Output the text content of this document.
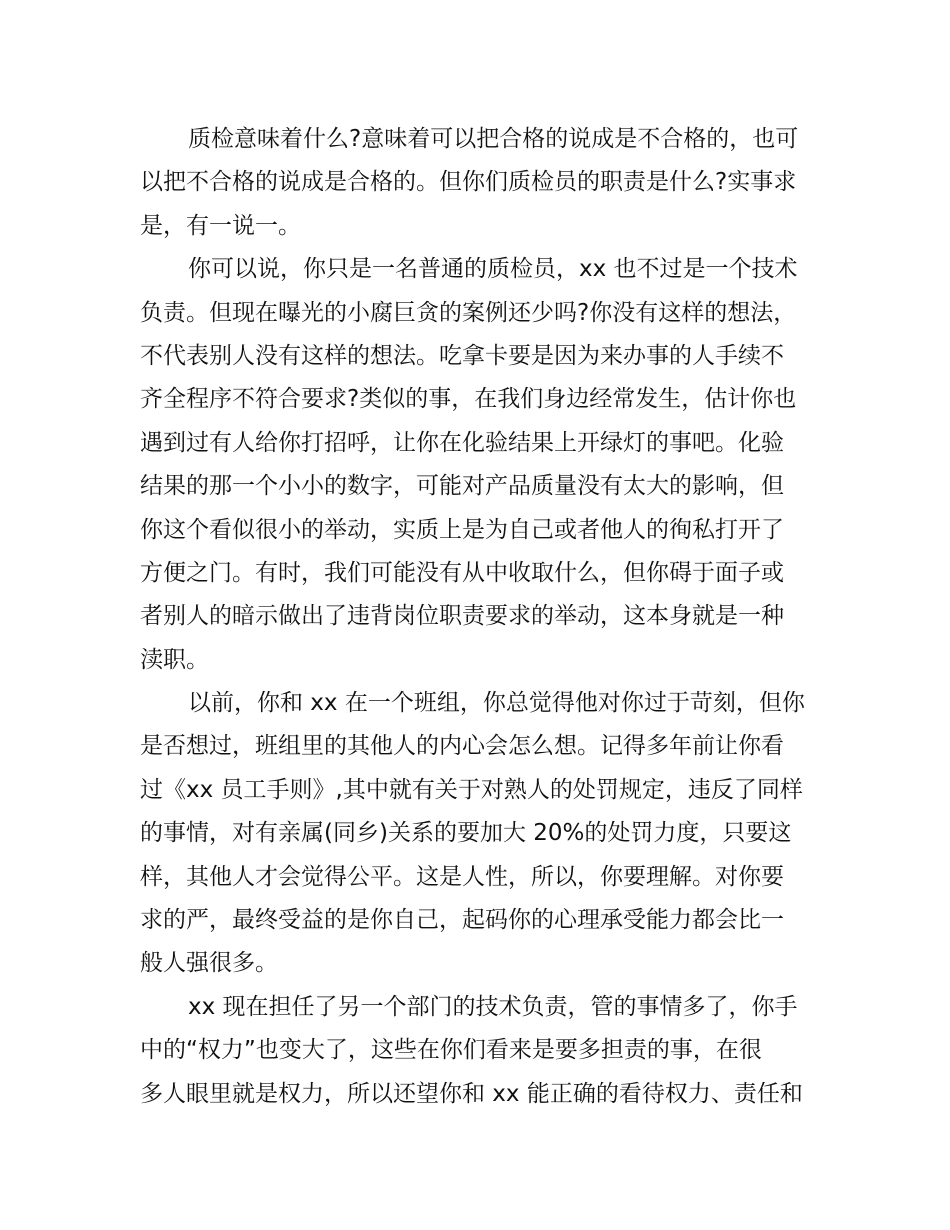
质检意味着什么?意味着可以把合格的说成是不合格的，也可
以把不合格的说成是合格的。但你们质检员的职责是什么?实事求
是，有一说一。
你可以说，你只是一名普通的质检员，xx 也不过是一个技术
负责。但现在曝光的小腐巨贪的案例还少吗?你没有这样的想法，
不代表别人没有这样的想法。吃拿卡要是因为来办事的人手续不
齐全程序不符合要求?类似的事，在我们身边经常发生，估计你也
遇到过有人给你打招呼，让你在化验结果上开绿灯的事吧。化验
结果的那一个小小的数字，可能对产品质量没有太大的影响，但
你这个看似很小的举动，实质上是为自己或者他人的徇私打开了
方便之门。有时，我们可能没有从中收取什么，但你碍于面子或
者别人的暗示做出了违背岗位职责要求的举动，这本身就是一种
渎职。
以前，你和 xx 在一个班组，你总觉得他对你过于苛刻，但你
是否想过，班组里的其他人的内心会怎么想。记得多年前让你看
过《xx 员工手则》,其中就有关于对熟人的处罚规定，违反了同样
的事情，对有亲属(同乡)关系的要加大 20%的处罚力度，只要这
样，其他人才会觉得公平。这是人性，所以，你要理解。对你要
求的严，最终受益的是你自己，起码你的心理承受能力都会比一
般人强很多。
xx 现在担任了另一个部门的技术负责，管的事情多了，你手
中的“权力”也变大了，这些在你们看来是要多担责的事，在很
多人眼里就是权力，所以还望你和 xx 能正确的看待权力、责任和
